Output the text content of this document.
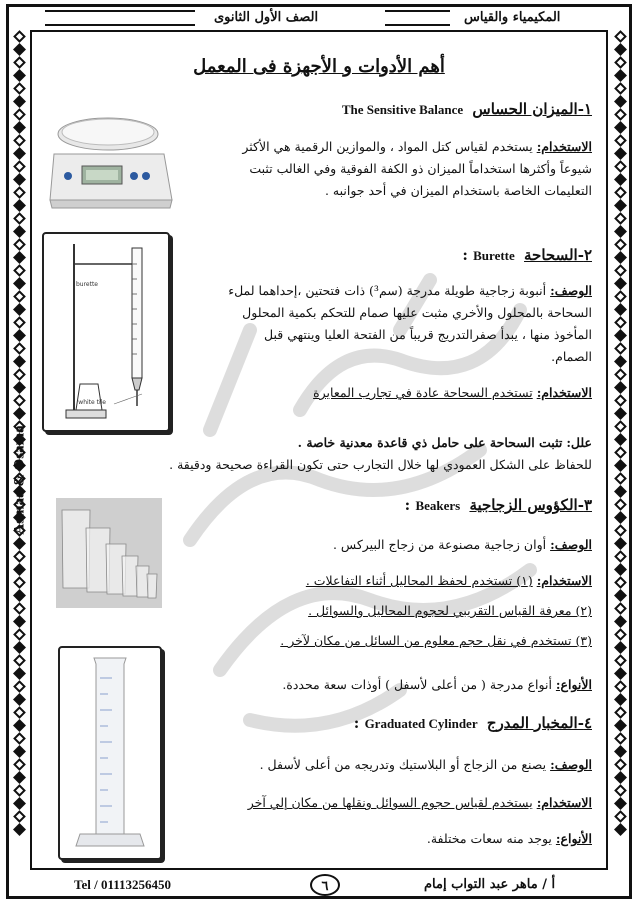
الصف الأول الثانوى	المكيمياء والقياس
Tel / 01113256450	٦	أ / ماهر عبد التواب إمام
Asmaa & Osama
أهم الأدوات و الأجهزة فى المعمل
١-الميزان الحساس The Sensitive Balance
الاستخدام: يستخدم لقياس كتل المواد ، والموازين الرقمية هي الأكثر
شيوعاً وأكثرها استخداماً الميزان ذو الكفة الفوقية وفي الغالب تثبت
التعليمات الخاصة باستخدام الميزان في أحد جوانبه .
٢-السحاحة Burette :
الوصف: أنبوبة زجاجية طويلة مدرجة (سم³) ذات فتحتين ،إحداهما لملء
السحاحة بالمحلول والأخري مثبت عليها صمام للتحكم بكمية المحلول
المأخوذ منها ، يبدأ صفرالتدريج قريباً من الفتحة العليا وينتهي قبل
الصمام.
الاستخدام: تستخدم السحاحة عادة في تجارب المعايرة
burette
white tile
علل: تثبت السحاحة على حامل ذي قاعدة معدنية خاصة .
للحفاظ على الشكل العمودي لها خلال التجارب حتى تكون القراءة صحيحة ودقيقة .
٣-الكؤوس الزجاجية Beakers :
الوصف: أوان زجاجية مصنوعة من زجاج البيركس .
الاستخدام: (١) تستخدم لحفظ المحاليل أثناء التفاعلات .
(٢) معرفة القياس التقريبي لحجوم المحاليل والسوائل .
(٣) تستخدم في نقل حجم معلوم من السائل من مكان لآخر .
الأنواع: أنواع مدرجة ( من أعلى لأسفل ) أوذات سعة محددة.
٤-المخبار المدرج Graduated Cylinder :
الوصف: يصنع من الزجاج أو البلاستيك وتدريجه من أعلى لأسفل .
الاستخدام: يستخدم لقياس حجوم السوائل ونقلها من مكان إلي آخر
الأنواع: يوجد منه سعات مختلفة.
